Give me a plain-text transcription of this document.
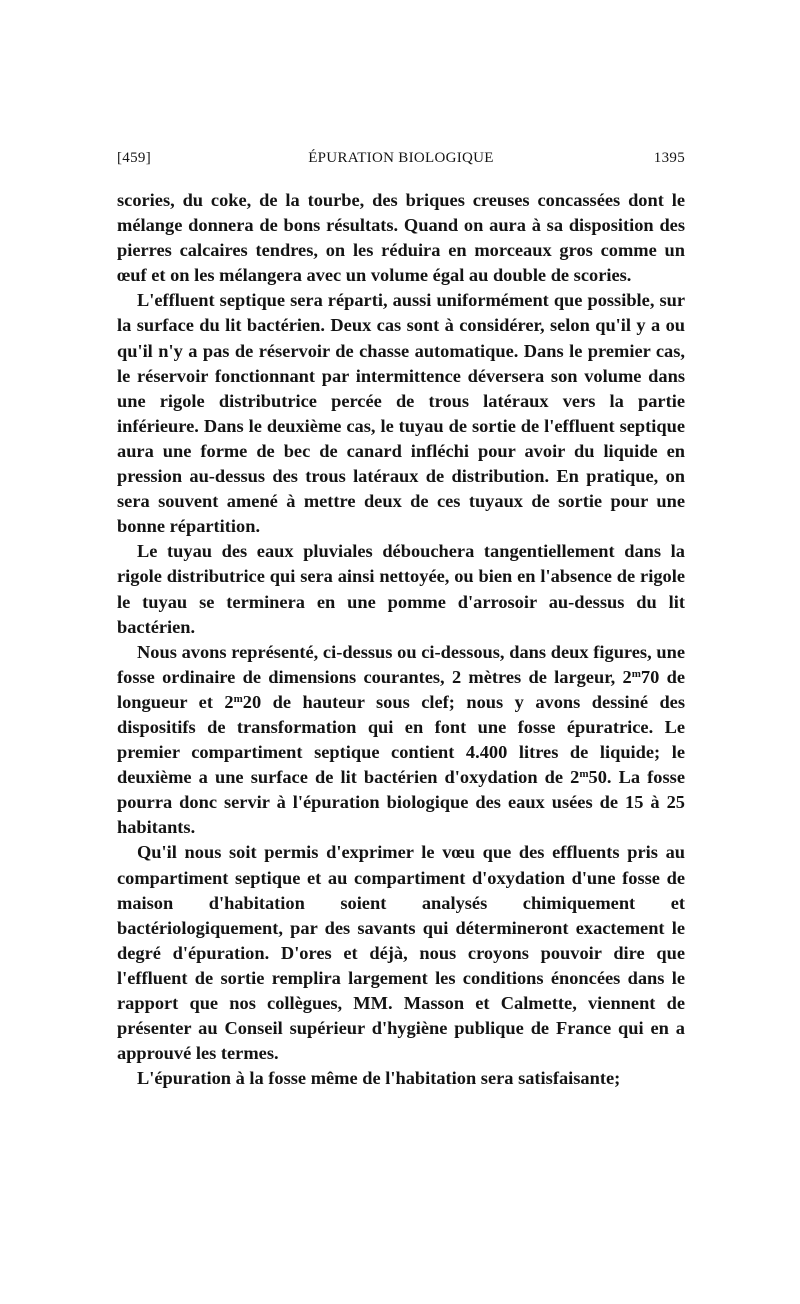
[459]	ÉPURATION BIOLOGIQUE	1395

scories, du coke, de la tourbe, des briques creuses concassées dont le mélange donnera de bons résultats. Quand on aura à sa disposition des pierres calcaires tendres, on les réduira en morceaux gros comme un œuf et on les mélangera avec un volume égal au double de scories.

L'effluent septique sera réparti, aussi uniformément que possible, sur la surface du lit bactérien. Deux cas sont à considérer, selon qu'il y a ou qu'il n'y a pas de réservoir de chasse automatique. Dans le premier cas, le réservoir fonctionnant par intermittence déversera son volume dans une rigole distributrice percée de trous latéraux vers la partie inférieure. Dans le deuxième cas, le tuyau de sortie de l'effluent septique aura une forme de bec de canard infléchi pour avoir du liquide en pression au-dessus des trous latéraux de distribution. En pratique, on sera souvent amené à mettre deux de ces tuyaux de sortie pour une bonne répartition.

Le tuyau des eaux pluviales débouchera tangentiellement dans la rigole distributrice qui sera ainsi nettoyée, ou bien en l'absence de rigole le tuyau se terminera en une pomme d'arrosoir au-dessus du lit bactérien.

Nous avons représenté, ci-dessus ou ci-dessous, dans deux figures, une fosse ordinaire de dimensions courantes, 2 mètres de largeur, 2$^m$70 de longueur et 2$^m$20 de hauteur sous clef; nous y avons dessiné des dispositifs de transformation qui en font une fosse épuratrice. Le premier compartiment septique contient 4.400 litres de liquide; le deuxième a une surface de lit bactérien d'oxydation de 2$^m$50. La fosse pourra donc servir à l'épuration biologique des eaux usées de 15 à 25 habitants.

Qu'il nous soit permis d'exprimer le vœu que des effluents pris au compartiment septique et au compartiment d'oxydation d'une fosse de maison d'habitation soient analysés chimiquement et bactériologiquement, par des savants qui détermineront exactement le degré d'épuration. D'ores et déjà, nous croyons pouvoir dire que l'effluent de sortie remplira largement les conditions énoncées dans le rapport que nos collègues, MM. Masson et Calmette, viennent de présenter au Conseil supérieur d'hygiène publique de France qui en a approuvé les termes.

L'épuration à la fosse même de l'habitation sera satisfaisante;
